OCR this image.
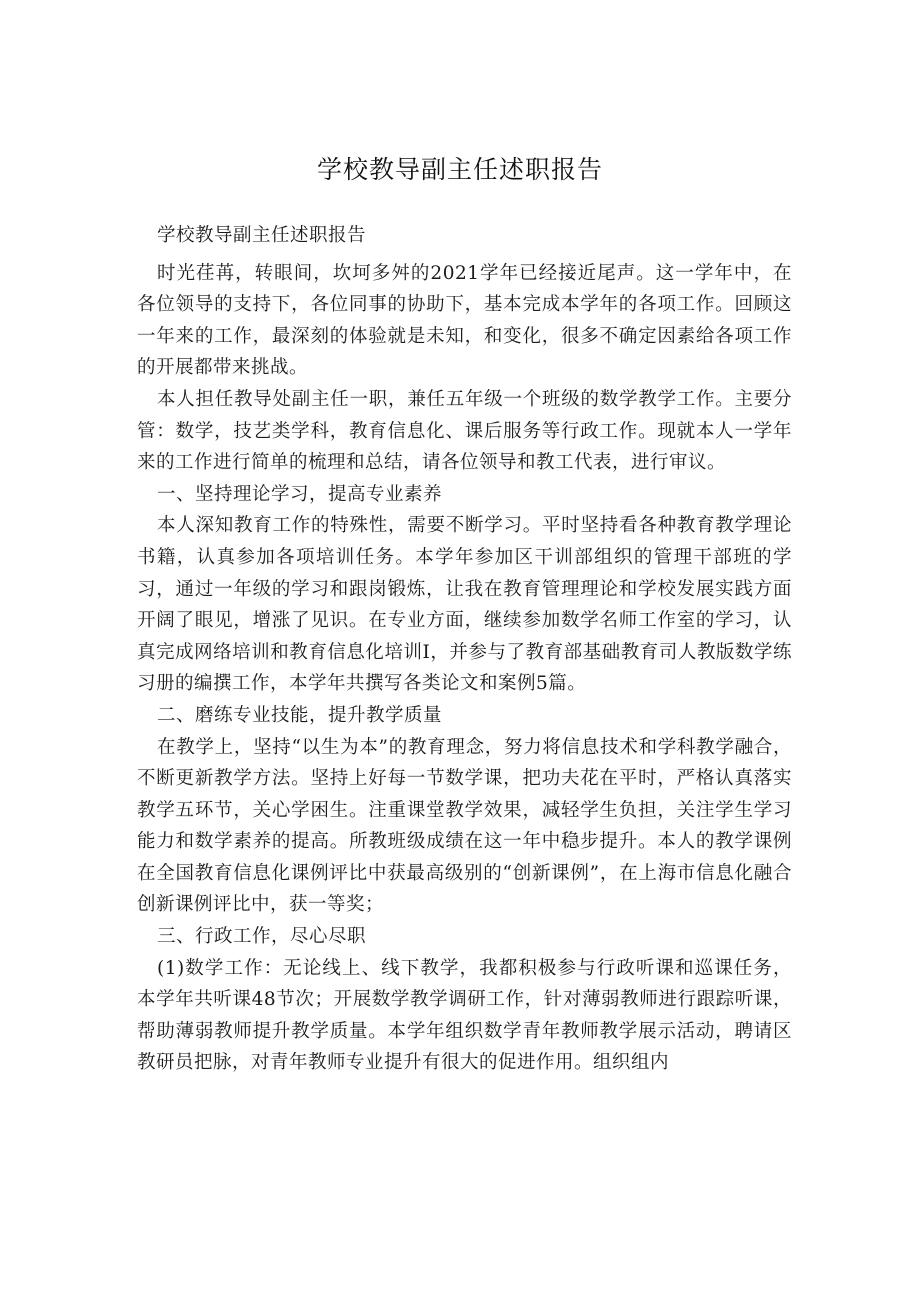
学校教导副主任述职报告

学校教导副主任述职报告

时光荏苒，转眼间，坎坷多舛的2021学年已经接近尾声。这一学年中，在各位领导的支持下，各位同事的协助下，基本完成本学年的各项工作。回顾这一年来的工作，最深刻的体验就是未知，和变化，很多不确定因素给各项工作的开展都带来挑战。

本人担任教导处副主任一职，兼任五年级一个班级的数学教学工作。主要分管：数学，技艺类学科，教育信息化、课后服务等行政工作。现就本人一学年来的工作进行简单的梳理和总结，请各位领导和教工代表，进行审议。

一、坚持理论学习，提高专业素养

本人深知教育工作的特殊性，需要不断学习。平时坚持看各种教育教学理论书籍，认真参加各项培训任务。本学年参加区干训部组织的管理干部班的学习，通过一年级的学习和跟岗锻炼，让我在教育管理理论和学校发展实践方面开阔了眼见，增涨了见识。在专业方面，继续参加数学名师工作室的学习，认真完成网络培训和教育信息化培训I，并参与了教育部基础教育司人教版数学练习册的编撰工作，本学年共撰写各类论文和案例5篇。

二、磨练专业技能，提升教学质量

在教学上，坚持“以生为本”的教育理念，努力将信息技术和学科教学融合，不断更新教学方法。坚持上好每一节数学课，把功夫花在平时，严格认真落实教学五环节，关心学困生。注重课堂教学效果，减轻学生负担，关注学生学习能力和数学素养的提高。所教班级成绩在这一年中稳步提升。本人的教学课例在全国教育信息化课例评比中获最高级别的“创新课例”，在上海市信息化融合创新课例评比中，获一等奖；

三、行政工作，尽心尽职

(1)数学工作：无论线上、线下教学，我都积极参与行政听课和巡课任务，本学年共听课48节次；开展数学教学调研工作，针对薄弱教师进行跟踪听课，帮助薄弱教师提升教学质量。本学年组织数学青年教师教学展示活动，聘请区教研员把脉，对青年教师专业提升有很大的促进作用。组织组内
